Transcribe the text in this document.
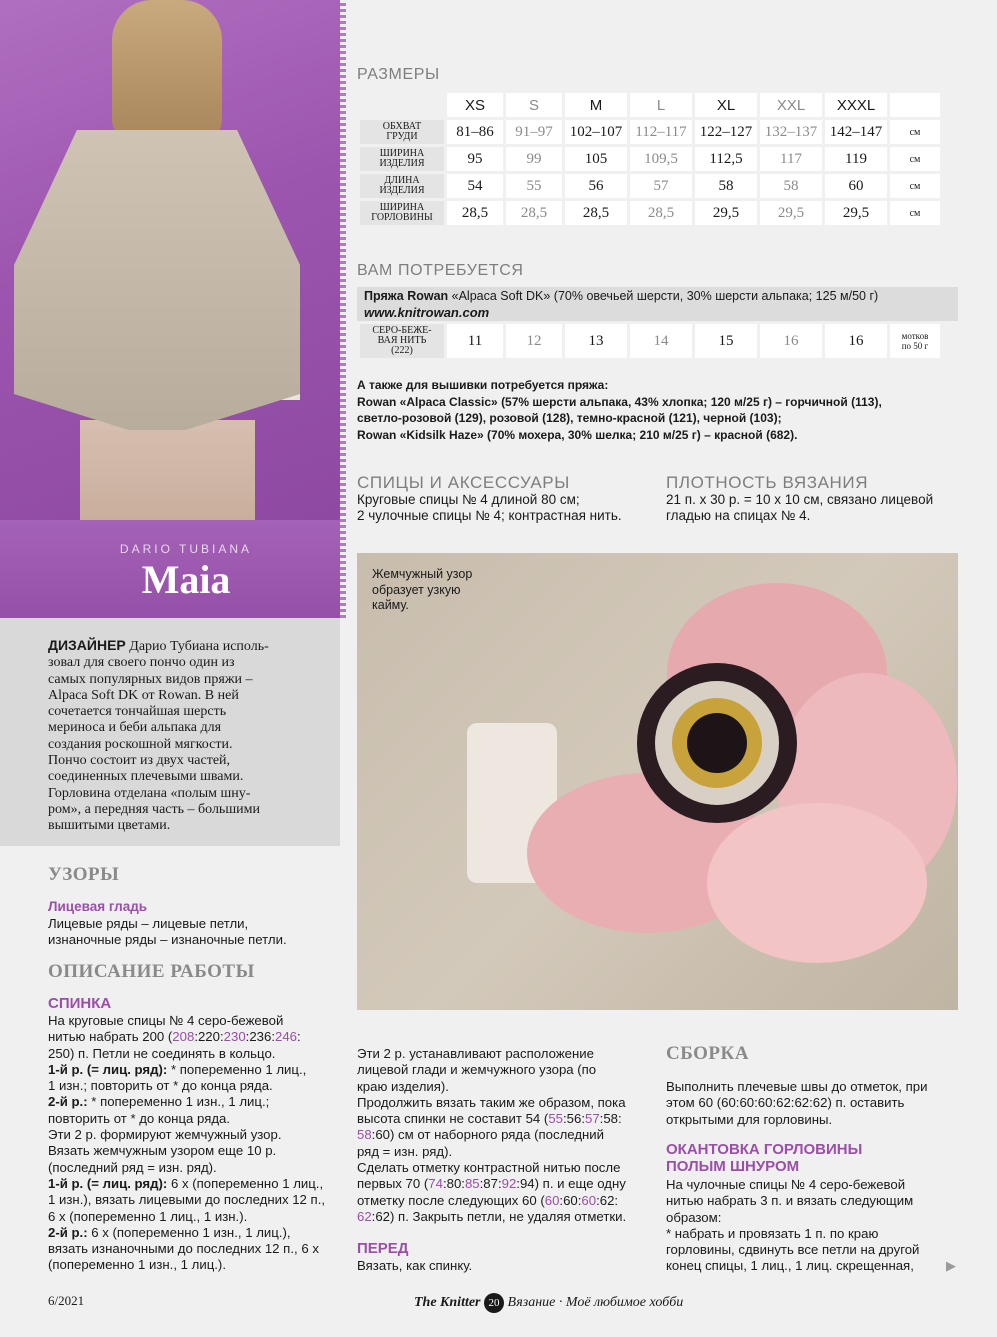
DARIO TUBIANA
Maia
ДИЗАЙНЕР Дарио Тубиана исполь-
зовал для своего пончо один из
самых популярных видов пряжи –
Alpaca Soft DK от Rowan. В ней
сочетается тончайшая шерсть
мериноса и беби альпака для
создания роскошной мягкости.
Пончо состоит из двух частей,
соединенных плечевыми швами.
Горловина отделана «полым шну-
ром», а передняя часть – большими
вышитыми цветами.
УЗОРЫ
Лицевая гладь
Лицевые ряды – лицевые петли,
изнаночные ряды – изнаночные петли.
ОПИСАНИЕ РАБОТЫ
СПИНКА
На круговые спицы № 4 серо-бежевой
нитью набрать 200 (208:220:230:236:246:
250) п. Петли не соединять в кольцо.
1-й р. (= лиц. ряд): * попеременно 1 лиц.,
1 изн.; повторить от * до конца ряда.
2-й р.: * попеременно 1 изн., 1 лиц.;
повторить от * до конца ряда.
Эти 2 р. формируют жемчужный узор.
Вязать жемчужным узором еще 10 р.
(последний ряд = изн. ряд).
1-й р. (= лиц. ряд): 6 х (попеременно 1 лиц.,
1 изн.), вязать лицевыми до последних 12 п.,
6 х (попеременно 1 лиц., 1 изн.).
2-й р.: 6 х (попеременно 1 изн., 1 лиц.),
вязать изнаночными до последних 12 п., 6 х
(попеременно 1 изн., 1 лиц.).
РАЗМЕРЫ
	XS	S	M	L	XL	XXL	XXXL	
ОБХВАТ
ГРУДИ	81–86	91–97	102–107	112–117	122–127	132–137	142–147	см
ШИРИНА
ИЗДЕЛИЯ	95	99	105	109,5	112,5	117	119	см
ДЛИНА
ИЗДЕЛИЯ	54	55	56	57	58	58	60	см
ШИРИНА
ГОРЛОВИНЫ	28,5	28,5	28,5	28,5	29,5	29,5	29,5	см
ВАМ ПОТРЕБУЕТСЯ
Пряжа Rowan «Alpaca Soft DK» (70% овечьей шерсти, 30% шерсти альпака; 125 м/50 г)
www.knitrowan.com
СЕРО-БЕЖЕ-
ВАЯ НИТЬ
(222)	11	12	13	14	15	16	16	мотков
по 50 г
А также для вышивки потребуется пряжа:
Rowan «Alpaca Classic» (57% шерсти альпака, 43% хлопка; 120 м/25 г) – горчичной (113),
светло-розовой (129), розовой (128), темно-красной (121), черной (103);
Rowan «Kidsilk Haze» (70% мохера, 30% шелка; 210 м/25 г) – красной (682).
СПИЦЫ И АКСЕССУАРЫ
Круговые спицы № 4 длиной 80 см;
2 чулочные спицы № 4; контрастная нить.
ПЛОТНОСТЬ ВЯЗАНИЯ
21 п. х 30 р. = 10 х 10 см, связано лицевой
гладью на спицах № 4.
Жемчужный узор
образует узкую
кайму.
Эти 2 р. устанавливают расположение
лицевой глади и жемчужного узора (по
краю изделия).
Продолжить вязать таким же образом, пока
высота спинки не составит 54 (55:56:57:58:
58:60) см от наборного ряда (последний
ряд = изн. ряд).
Сделать отметку контрастной нитью после
первых 70 (74:80:85:87:92:94) п. и еще одну
отметку после следующих 60 (60:60:60:62:
62:62) п. Закрыть петли, не удаляя отметки.
ПЕРЕД
Вязать, как спинку.
СБОРКА
Выполнить плечевые швы до отметок, при
этом 60 (60:60:60:62:62:62) п. оставить
открытыми для горловины.
ОКАНТОВКА ГОРЛОВИНЫ
ПОЛЫМ ШНУРОМ
На чулочные спицы № 4 серо-бежевой
нитью набрать 3 п. и вязать следующим
образом:
* набрать и провязать 1 п. по краю
горловины, сдвинуть все петли на другой
конец спицы, 1 лиц., 1 лиц. скрещенная,	▶
6/2021	The Knitter 20 Вязание · Моё любимое хобби
